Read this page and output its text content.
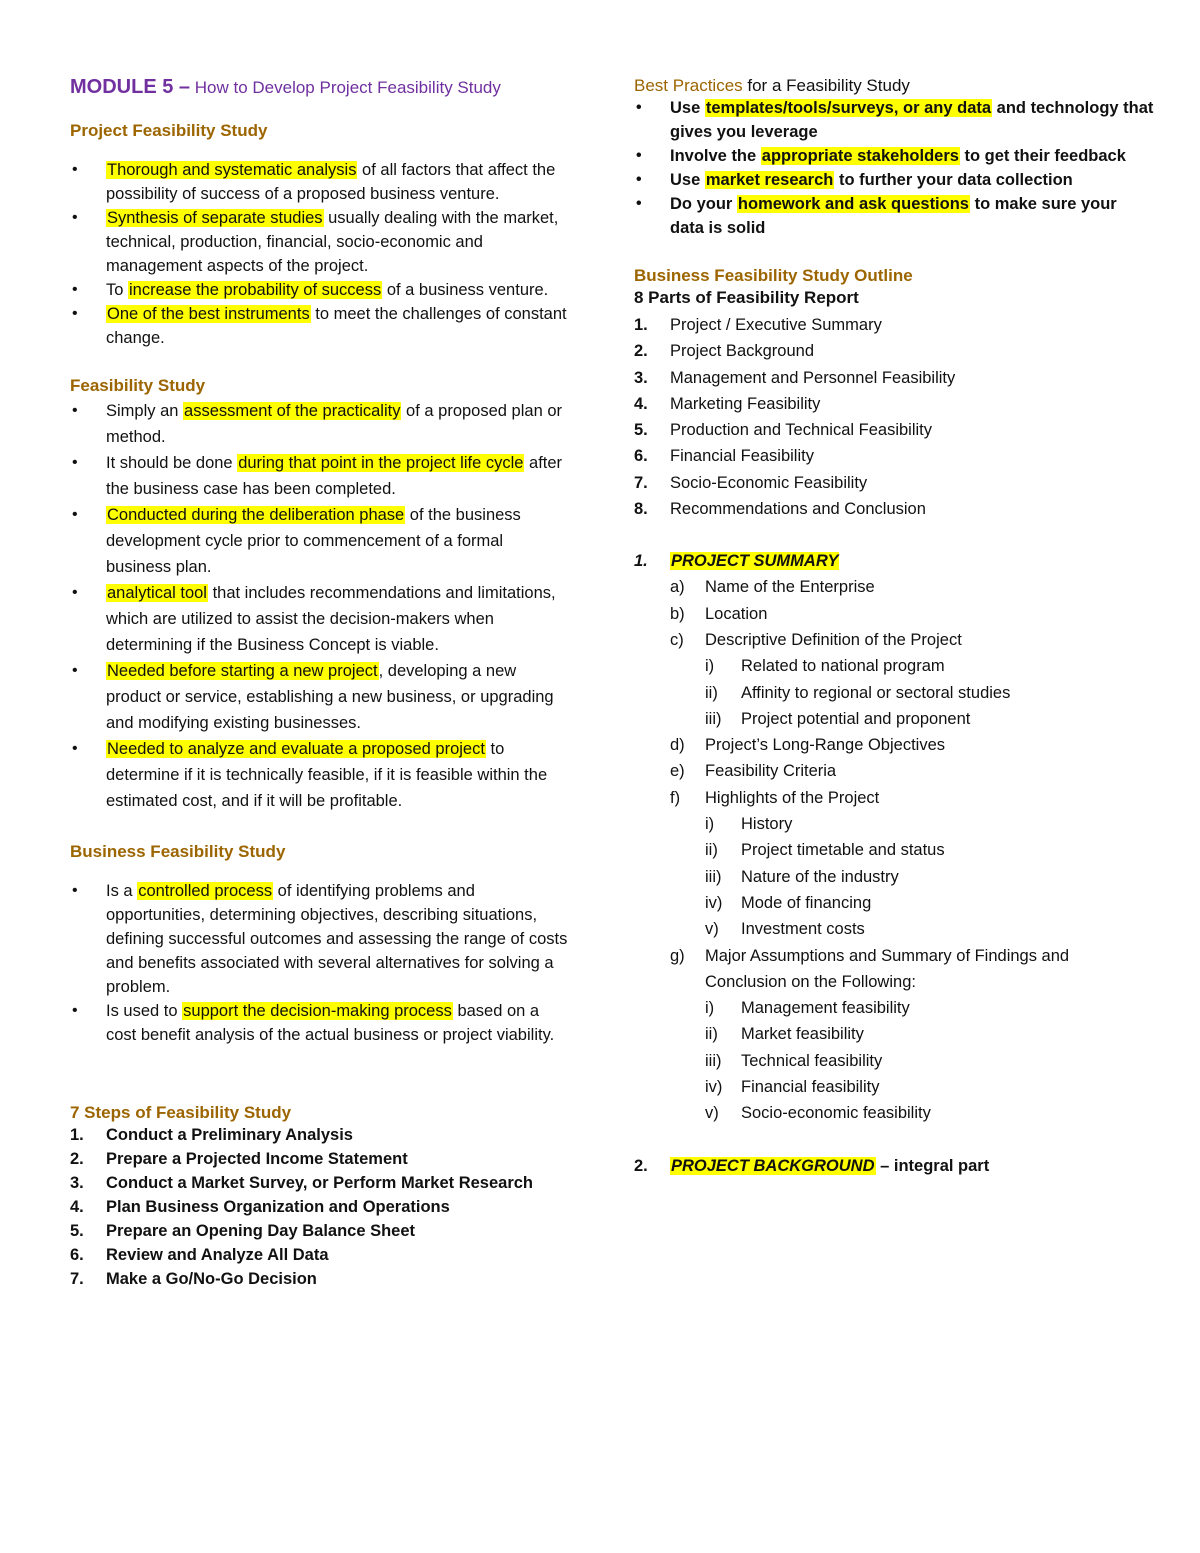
MODULE 5 – How to Develop Project Feasibility Study
Project Feasibility Study
• Thorough and systematic analysis of all factors that affect the possibility of success of a proposed business venture.
• Synthesis of separate studies usually dealing with the market, technical, production, financial, socio-economic and management aspects of the project.
• To increase the probability of success of a business venture.
• One of the best instruments to meet the challenges of constant change.
Feasibility Study
• Simply an assessment of the practicality of a proposed plan or method.
• It should be done during that point in the project life cycle after the business case has been completed.
• Conducted during the deliberation phase of the business development cycle prior to commencement of a formal business plan.
• analytical tool that includes recommendations and limitations, which are utilized to assist the decision-makers when determining if the Business Concept is viable.
• Needed before starting a new project, developing a new product or service, establishing a new business, or upgrading and modifying existing businesses.
• Needed to analyze and evaluate a proposed project to determine if it is technically feasible, if it is feasible within the estimated cost, and if it will be profitable.
Business Feasibility Study
• Is a controlled process of identifying problems and opportunities, determining objectives, describing situations, defining successful outcomes and assessing the range of costs and benefits associated with several alternatives for solving a problem.
• Is used to support the decision-making process based on a cost benefit analysis of the actual business or project viability.
7 Steps of Feasibility Study
1. Conduct a Preliminary Analysis
2. Prepare a Projected Income Statement
3. Conduct a Market Survey, or Perform Market Research
4. Plan Business Organization and Operations
5. Prepare an Opening Day Balance Sheet
6. Review and Analyze All Data
7. Make a Go/No-Go Decision
Best Practices for a Feasibility Study
• Use templates/tools/surveys, or any data and technology that gives you leverage
• Involve the appropriate stakeholders to get their feedback
• Use market research to further your data collection
• Do your homework and ask questions to make sure your data is solid
Business Feasibility Study Outline
8 Parts of Feasibility Report
1. Project / Executive Summary
2. Project Background
3. Management and Personnel Feasibility
4. Marketing Feasibility
5. Production and Technical Feasibility
6. Financial Feasibility
7. Socio-Economic Feasibility
8. Recommendations and Conclusion
1. PROJECT SUMMARY
a) Name of the Enterprise
b) Location
c) Descriptive Definition of the Project
i) Related to national program
ii) Affinity to regional or sectoral studies
iii) Project potential and proponent
d) Project’s Long-Range Objectives
e) Feasibility Criteria
f) Highlights of the Project
i) History
ii) Project timetable and status
iii) Nature of the industry
iv) Mode of financing
v) Investment costs
g) Major Assumptions and Summary of Findings and Conclusion on the Following:
i) Management feasibility
ii) Market feasibility
iii) Technical feasibility
iv) Financial feasibility
v) Socio-economic feasibility
2. PROJECT BACKGROUND – integral part
